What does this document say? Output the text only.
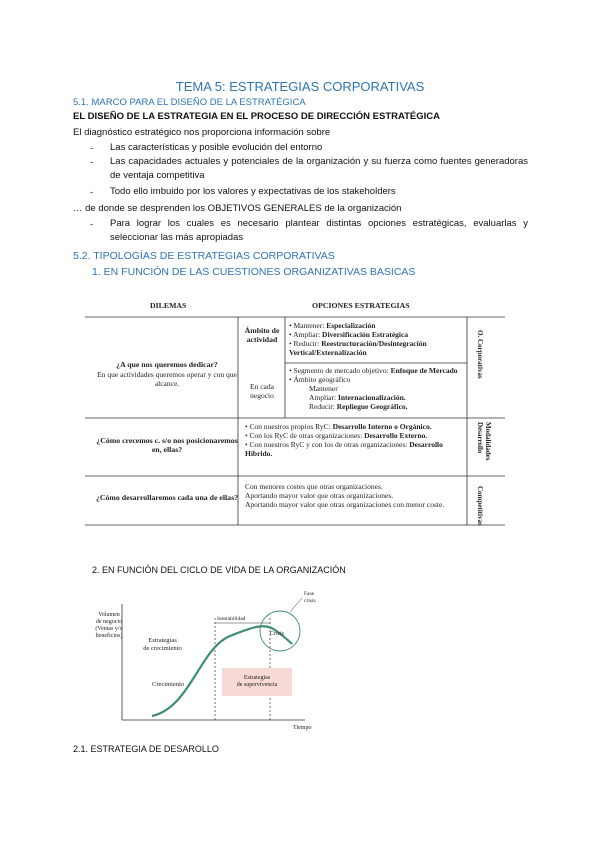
TEMA 5: ESTRATEGIAS CORPORATIVAS
5.1. MARCO PARA EL DISEÑO DE LA ESTRATÉGICA
EL DISEÑO DE LA ESTRATEGIA EN EL PROCESO DE DIRECCIÓN ESTRATÉGICA
El diagnóstico estratégico nos proporciona información sobre
- Las características y posible evolución del entorno
- Las capacidades actuales y potenciales de la organización y su fuerza como fuentes generadoras de ventaja competitiva
- Todo ello imbuido por los valores y expectativas de los stakeholders
… de donde se desprenden los OBJETIVOS GENERALES de la organización
- Para lograr los cuales es necesario plantear distintas opciones estratégicas, evaluarlas y seleccionar las más apropiadas
5.2. TIPOLOGÍAS DE ESTRATEGIAS CORPORATIVAS
1. EN FUNCIÓN DE LAS CUESTIONES ORGANIZATIVAS BASICAS
DILEMAS	OPCIONES ESTRATEGIAS
¿A que nos queremos dedicar?
En que actividades queremos operar y con que alcance.
Ámbito de actividad
En cada negocio
• Mantener: Especialización
• Ampliar: Diversificación Estratégica
• Reducir: Reestructuración/Desintegración Vertical/Externalización
• Segmento de mercado objetivo: Enfoque de Mercado
• Ámbito geográfico
Mantener
Ampliar: Internacionalización.
Reducir: Repliegue Geográfico.
¿Cómo crecemos c. s/o nos posicionaremos en, ellas?
• Con nuestros propios RyC: Desarrollo Interno o Orgánico.
• Con los RyC de otras organizaciones: Desarrollo Externo.
• Con nuestros RyC y con los de otras organizaciones: Desarrollo Híbrido.
¿Cómo desarrollaremos cada una de ellas?
Con menores costes que otras organizaciones.
Aportando mayor valor que otras organizaciones.
Aportando mayor valor que otras organizaciones con menor coste.
O. Corporativas
Modalidades Desarrollo
Competitivas
2. EN FUNCIÓN DEL CICLO DE VIDA DE LA ORGANIZACIÓN
Volumen
de negocio
(Ventas y/o
beneficios)
Estrategias
de crecimiento
Crecimiento
Inestabilidad
Crisis
Fase
crisis
Estrategias
de supervivencia
Tiempo
2.1. ESTRATEGIA DE DESAROLLO
